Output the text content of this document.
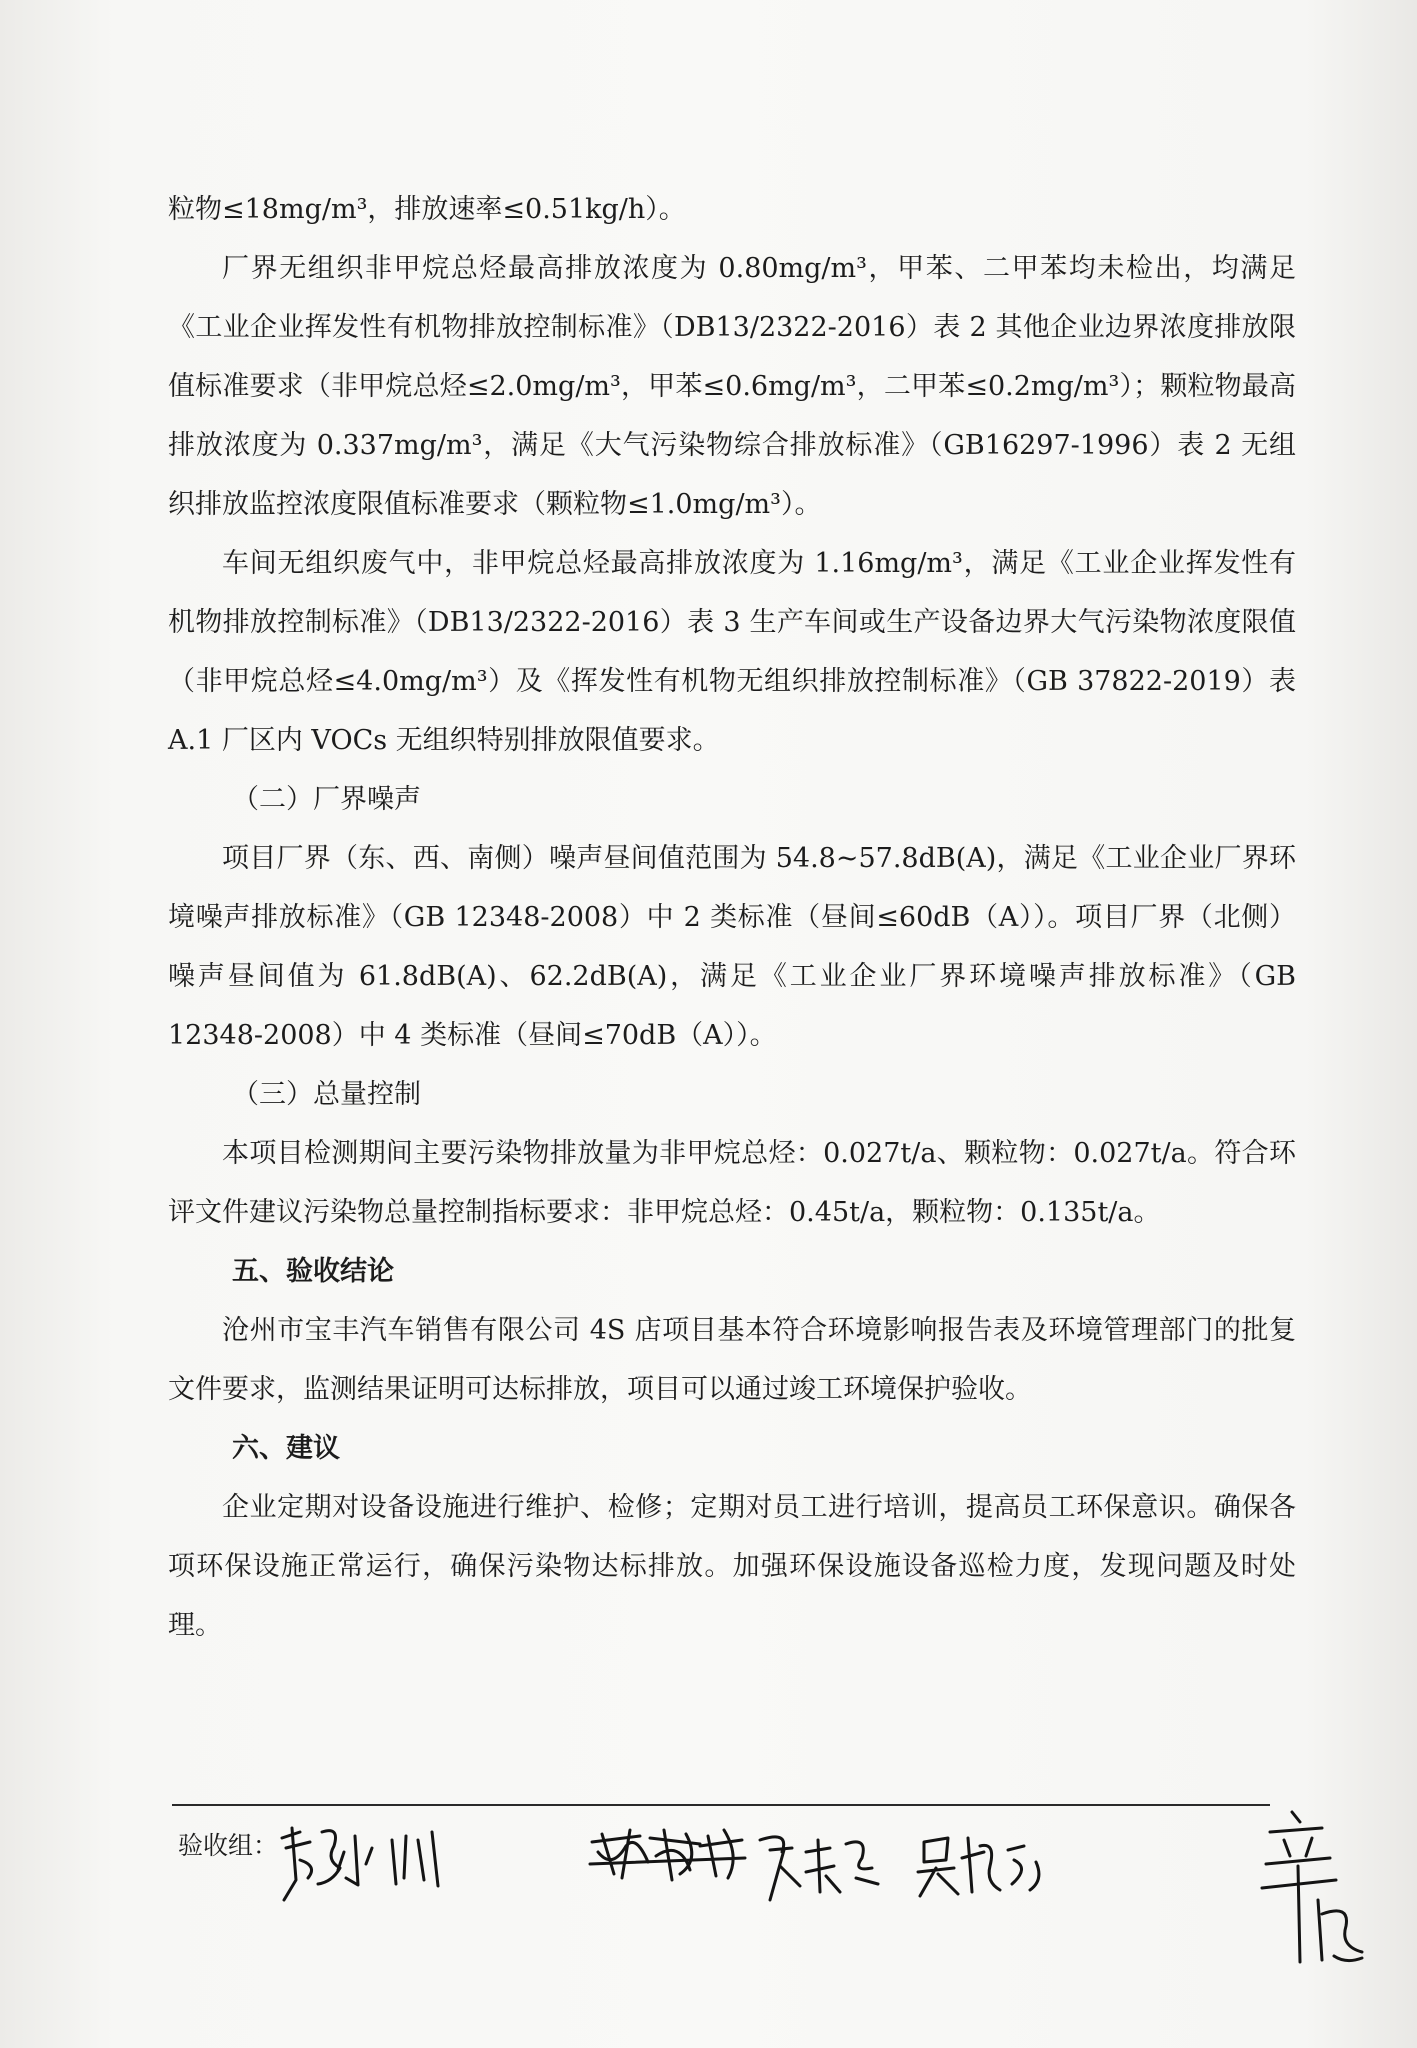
粒物≤18mg/m³，排放速率≤0.51kg/h）。

厂界无组织非甲烷总烃最高排放浓度为 0.80mg/m³，甲苯、二甲苯均未检出，均满足《工业企业挥发性有机物排放控制标准》（DB13/2322-2016）表 2 其他企业边界浓度排放限值标准要求（非甲烷总烃≤2.0mg/m³，甲苯≤0.6mg/m³，二甲苯≤0.2mg/m³）；颗粒物最高排放浓度为 0.337mg/m³，满足《大气污染物综合排放标准》（GB16297-1996）表 2 无组织排放监控浓度限值标准要求（颗粒物≤1.0mg/m³）。

车间无组织废气中，非甲烷总烃最高排放浓度为 1.16mg/m³，满足《工业企业挥发性有机物排放控制标准》（DB13/2322-2016）表 3 生产车间或生产设备边界大气污染物浓度限值（非甲烷总烃≤4.0mg/m³）及《挥发性有机物无组织排放控制标准》（GB 37822-2019）表 A.1 厂区内 VOCs 无组织特别排放限值要求。

（二）厂界噪声

项目厂界（东、西、南侧）噪声昼间值范围为 54.8~57.8dB(A)，满足《工业企业厂界环境噪声排放标准》（GB 12348-2008）中 2 类标准（昼间≤60dB（A））。项目厂界（北侧）噪声昼间值为 61.8dB(A)、62.2dB(A)，满足《工业企业厂界环境噪声排放标准》（GB 12348-2008）中 4 类标准（昼间≤70dB（A））。

（三）总量控制

本项目检测期间主要污染物排放量为非甲烷总烃：0.027t/a、颗粒物：0.027t/a。符合环评文件建议污染物总量控制指标要求：非甲烷总烃：0.45t/a，颗粒物：0.135t/a。

五、验收结论

沧州市宝丰汽车销售有限公司 4S 店项目基本符合环境影响报告表及环境管理部门的批复文件要求，监测结果证明可达标排放，项目可以通过竣工环境保护验收。

六、建议

企业定期对设备设施进行维护、检修；定期对员工进行培训，提高员工环保意识。确保各项环保设施正常运行，确保污染物达标排放。加强环保设施设备巡检力度，发现问题及时处理。

验收组：
